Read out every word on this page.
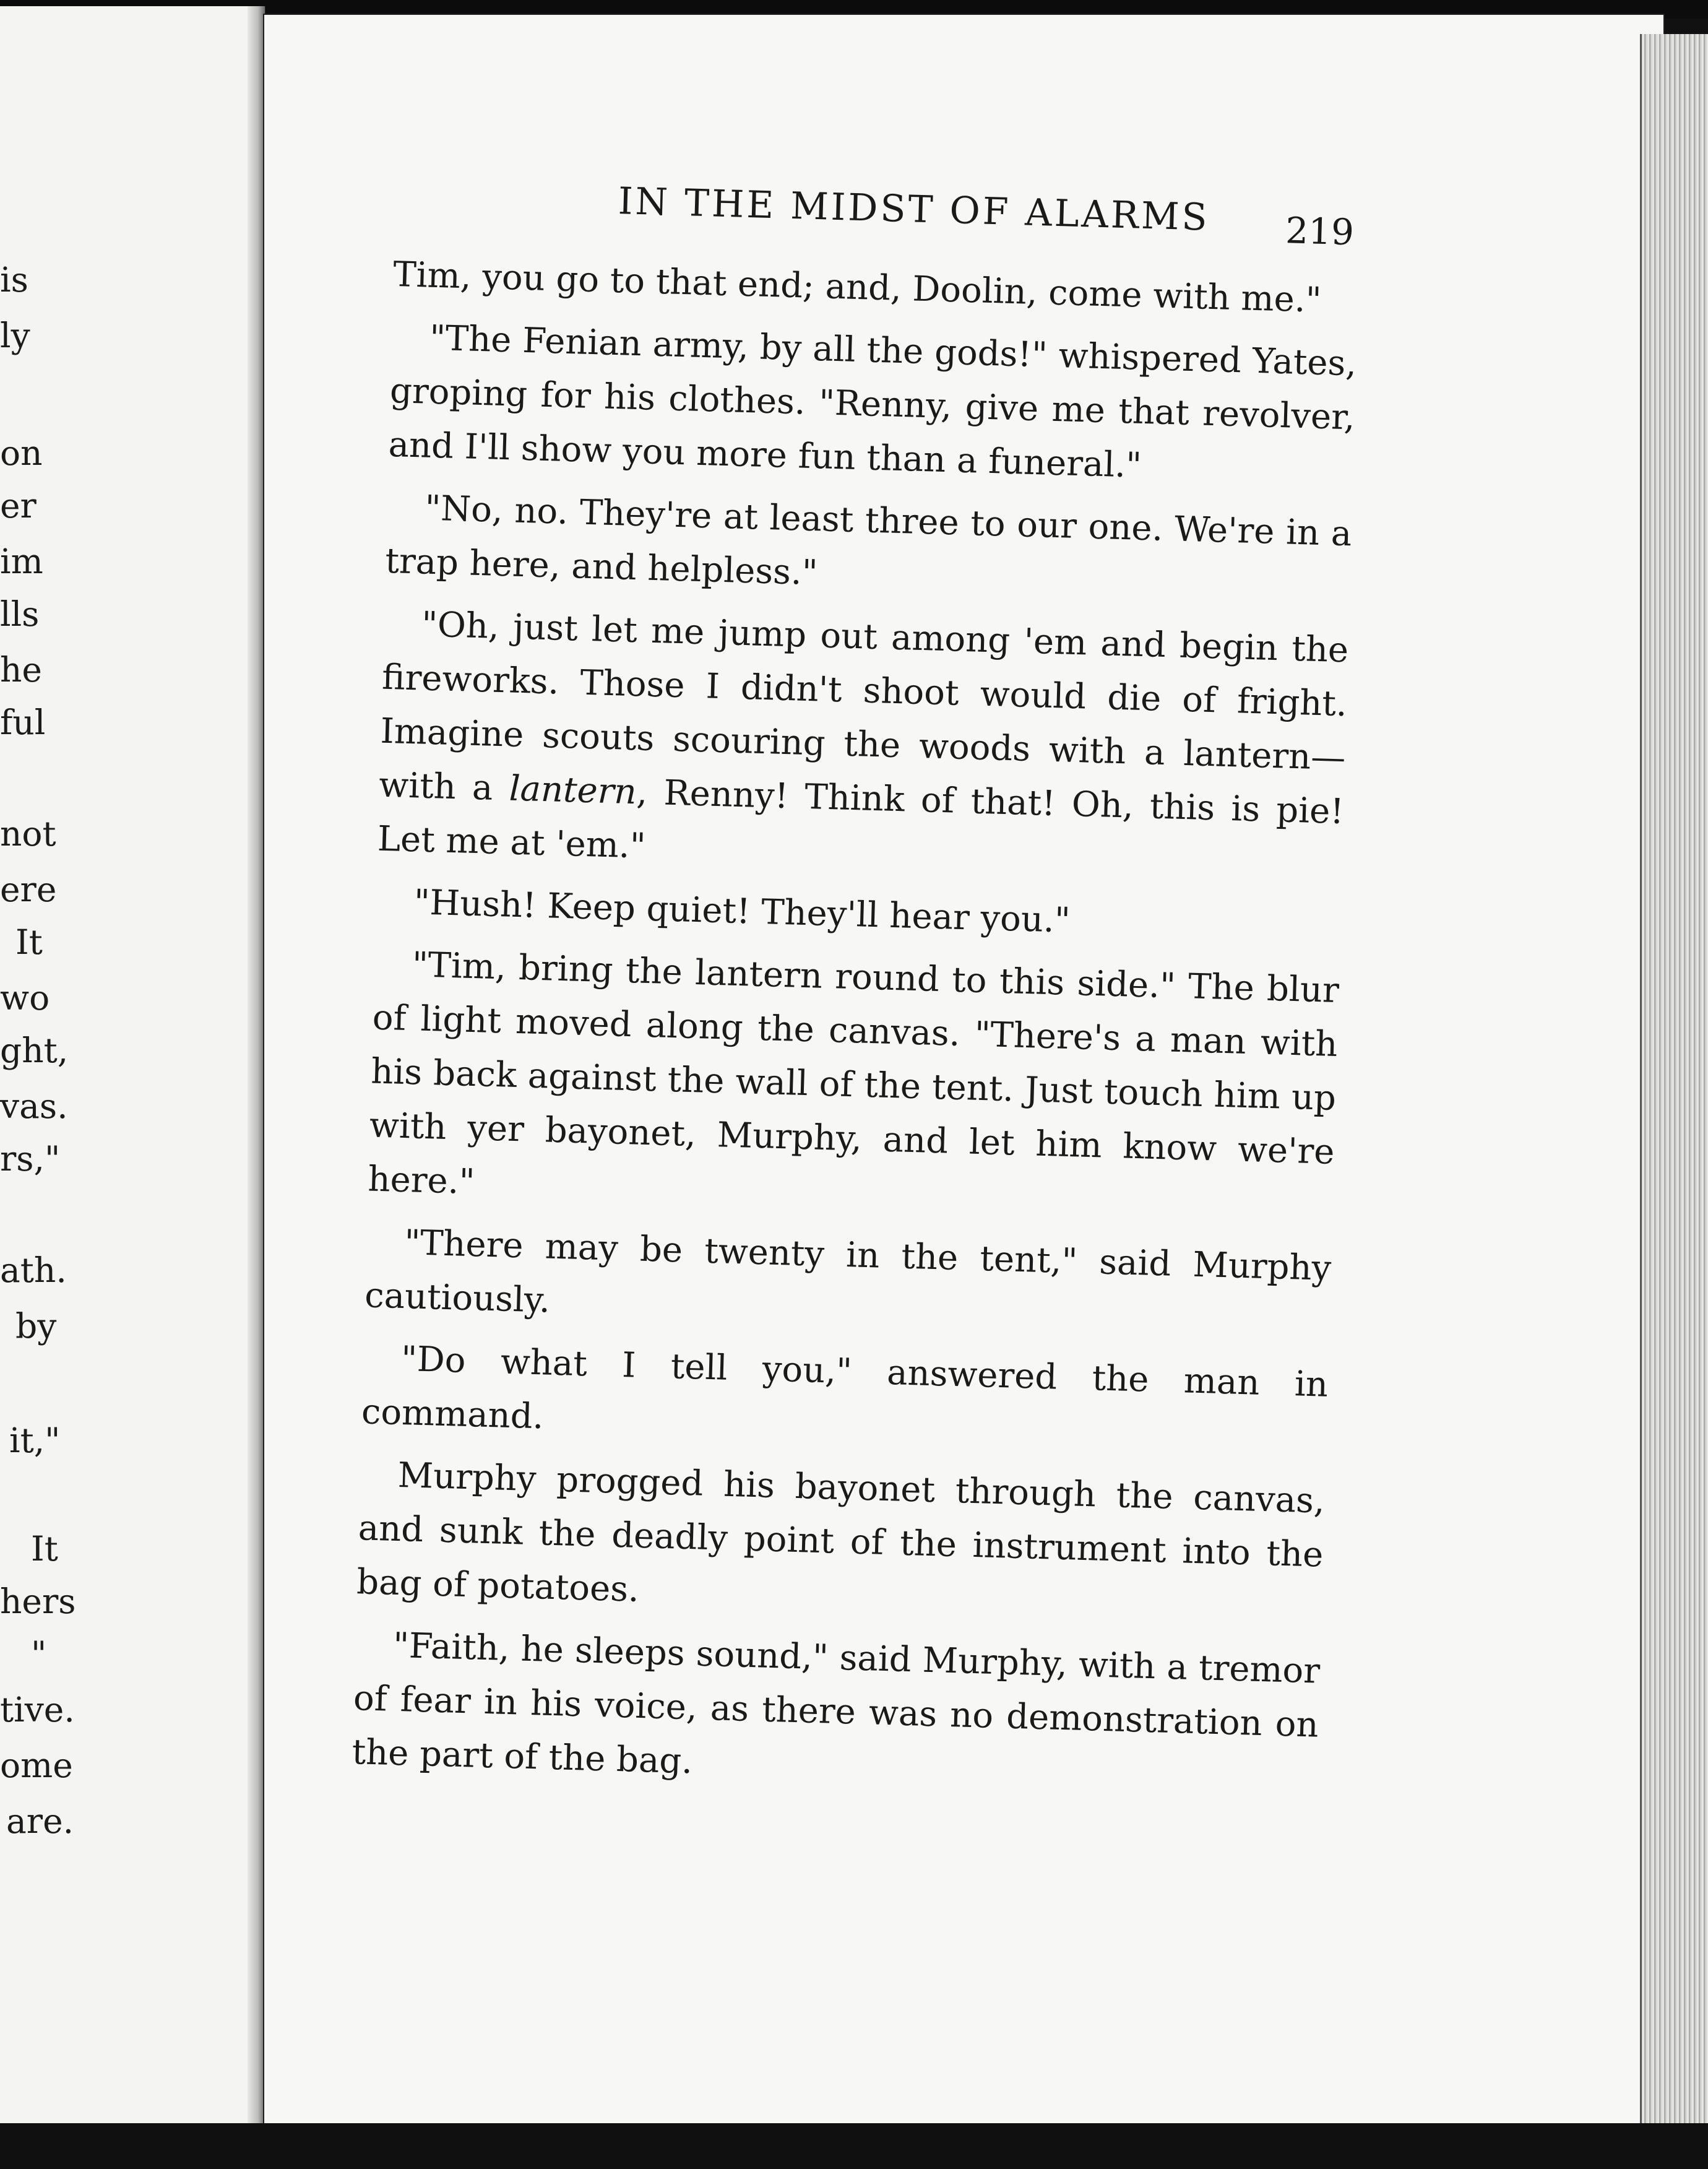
is
ly
on
er
im
lls
he
ful
not
ere
It
wo
ght,
vas.
rs,"
ath.
by
it,"
It
hers
"
tive.
ome
are.
IN THE MIDST OF ALARMS 219

Tim, you go to that end; and, Doolin, come with me."

"The Fenian army, by all the gods!" whispered Yates, groping for his clothes. "Renny, give me that revolver, and I'll show you more fun than a funeral."

"No, no. They're at least three to our one. We're in a trap here, and helpless."

"Oh, just let me jump out among 'em and begin the fireworks. Those I didn't shoot would die of fright. Imagine scouts scouring the woods with a lantern—with a lantern, Renny! Think of that! Oh, this is pie! Let me at 'em."

"Hush! Keep quiet! They'll hear you."

"Tim, bring the lantern round to this side." The blur of light moved along the canvas. "There's a man with his back against the wall of the tent. Just touch him up with yer bayonet, Murphy, and let him know we're here."

"There may be twenty in the tent," said Murphy cautiously.

"Do what I tell you," answered the man in command.

Murphy progged his bayonet through the canvas, and sunk the deadly point of the instrument into the bag of potatoes.

"Faith, he sleeps sound," said Murphy, with a tremor of fear in his voice, as there was no demonstration on the part of the bag.
